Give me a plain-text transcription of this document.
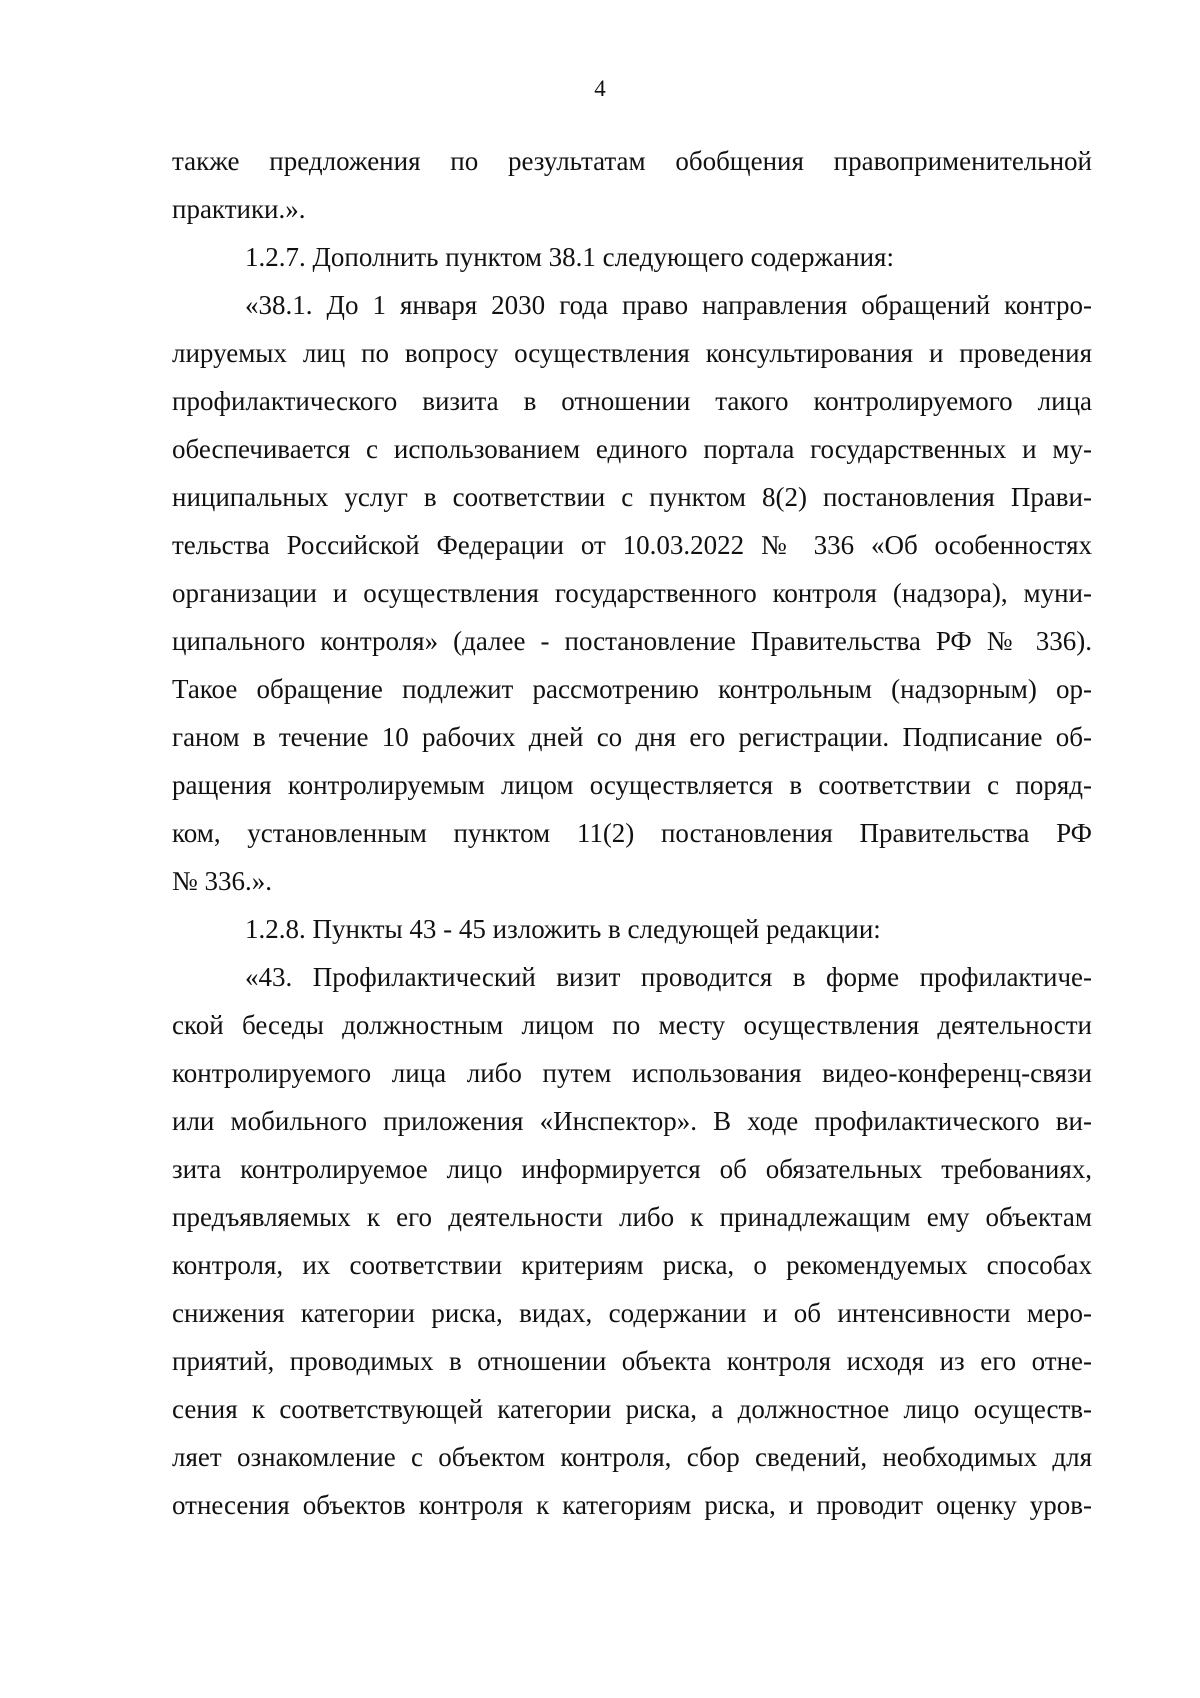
4
также предложения по результатам обобщения правоприменительной
практики.».
1.2.7. Дополнить пунктом 38.1 следующего содержания:
«38.1. До 1 января 2030 года право направления обращений контро-
лируемых лиц по вопросу осуществления консультирования и проведения
профилактического визита в отношении такого контролируемого лица
обеспечивается с использованием единого портала государственных и му-
ниципальных услуг в соответствии с пунктом 8(2) постановления Прави-
тельства Российской Федерации от 10.03.2022 № 336 «Об особенностях
организации и осуществления государственного контроля (надзора), муни-
ципального контроля» (далее - постановление Правительства РФ № 336).
Такое обращение подлежит рассмотрению контрольным (надзорным) ор-
ганом в течение 10 рабочих дней со дня его регистрации. Подписание об-
ращения контролируемым лицом осуществляется в соответствии с поряд-
ком, установленным пунктом 11(2) постановления Правительства РФ
№ 336.».
1.2.8. Пункты 43 - 45 изложить в следующей редакции:
«43. Профилактический визит проводится в форме профилактиче-
ской беседы должностным лицом по месту осуществления деятельности
контролируемого лица либо путем использования видео-конференц-связи
или мобильного приложения «Инспектор». В ходе профилактического ви-
зита контролируемое лицо информируется об обязательных требованиях,
предъявляемых к его деятельности либо к принадлежащим ему объектам
контроля, их соответствии критериям риска, о рекомендуемых способах
снижения категории риска, видах, содержании и об интенсивности меро-
приятий, проводимых в отношении объекта контроля исходя из его отне-
сения к соответствующей категории риска, а должностное лицо осуществ-
ляет ознакомление с объектом контроля, сбор сведений, необходимых для
отнесения объектов контроля к категориям риска, и проводит оценку уров-
